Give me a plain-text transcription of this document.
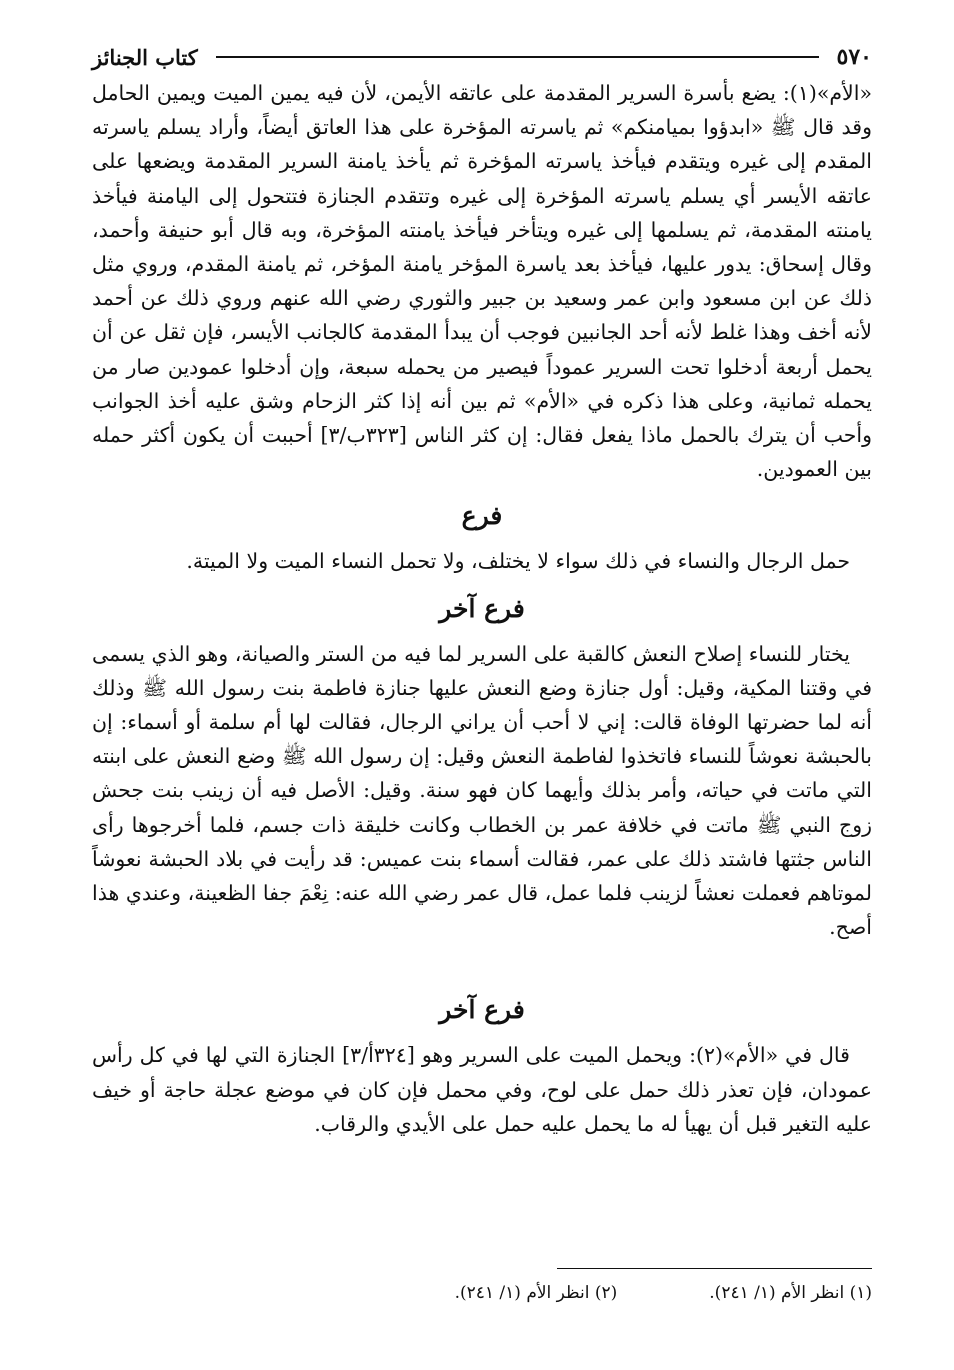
٥٧٠
كتاب الجنائز

«الأم»(١): يضع بأسرة السرير المقدمة على عاتقه الأيمن، لأن فيه يمين الميت ويمين الحامل وقد قال ﷺ «ابدؤوا بميامنكم» ثم ياسرته المؤخرة على هذا العاتق أيضاً، وأراد يسلم ياسرته المقدم إلى غيره ويتقدم فيأخذ ياسرته المؤخرة ثم يأخذ يامنة السرير المقدمة ويضعها على عاتقه الأيسر أي يسلم ياسرته المؤخرة إلى غيره وتتقدم الجنازة فتتحول إلى اليامنة فيأخذ يامنته المقدمة، ثم يسلمها إلى غيره ويتأخر فيأخذ يامنته المؤخرة، وبه قال أبو حنيفة وأحمد، وقال إسحاق: يدور عليها، فيأخذ بعد ياسرة المؤخر يامنة المؤخر، ثم يامنة المقدم، وروي مثل ذلك عن ابن مسعود وابن عمر وسعيد بن جبير والثوري رضي الله عنهم وروي ذلك عن أحمد لأنه أخف وهذا غلط لأنه أحد الجانبين فوجب أن يبدأ المقدمة كالجانب الأيسر، فإن ثقل عن أن يحمل أربعة أدخلوا تحت السرير عموداً فيصير من يحمله سبعة، وإن أدخلوا عمودين صار من يحمله ثمانية، وعلى هذا ذكره في «الأم» ثم بين أنه إذا كثر الزحام وشق عليه أخذ الجوانب وأحب أن يترك بالحمل ماذا يفعل فقال: إن كثر الناس [٣٢٣ب/٣] أحببت أن يكون أكثر حمله بين العمودين.

فرع

حمل الرجال والنساء في ذلك سواء لا يختلف، ولا تحمل النساء الميت ولا الميتة.

فرع آخر

يختار للنساء إصلاح النعش كالقبة على السرير لما فيه من الستر والصيانة، وهو الذي يسمى في وقتنا المكية، وقيل: أول جنازة وضع النعش عليها جنازة فاطمة بنت رسول الله ﷺ وذلك أنه لما حضرتها الوفاة قالت: إني لا أحب أن يراني الرجال، فقالت لها أم سلمة أو أسماء: إن بالحبشة نعوشاً للنساء فاتخذوا لفاطمة النعش وقيل: إن رسول الله ﷺ وضع النعش على ابنته التي ماتت في حياته، وأمر بذلك وأيهما كان فهو سنة. وقيل: الأصل فيه أن زينب بنت جحش زوج النبي ﷺ ماتت في خلافة عمر بن الخطاب وكانت خليقة ذات جسم، فلما أخرجوها رأى الناس جثتها فاشتد ذلك على عمر، فقالت أسماء بنت عميس: قد رأيت في بلاد الحبشة نعوشاً لموتاهم فعملت نعشاً لزينب فلما عمل، قال عمر رضي الله عنه: نِعْمَ جفا الظعينة، وعندي هذا أصح.

فرع آخر

قال في «الأم»(٢): ويحمل الميت على السرير وهو [٣٢٤أ/٣] الجنازة التي لها في كل رأس عمودان، فإن تعذر ذلك حمل على لوح، وفي محمل فإن كان في موضع عجلة حاجة أو خيف عليه التغير قبل أن يهيأ له ما يحمل عليه حمل على الأيدي والرقاب.

(١) انظر الأم (١/ ٢٤١).
(٢) انظر الأم (١/ ٢٤١).
